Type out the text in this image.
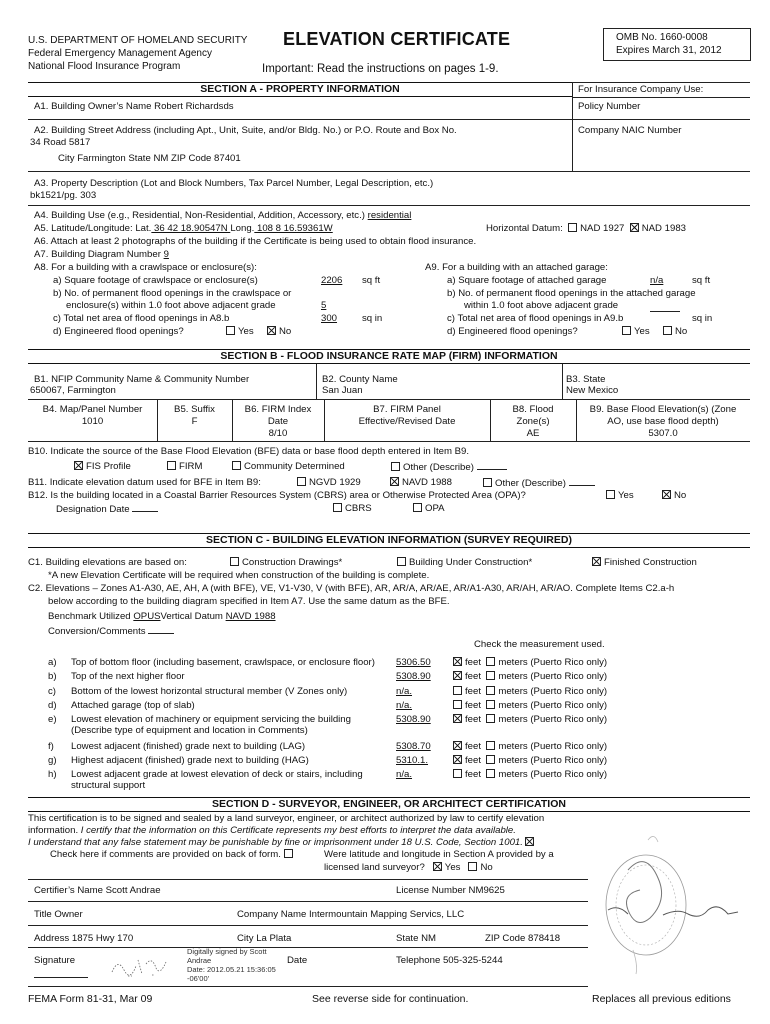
U.S. DEPARTMENT OF HOMELAND SECURITY
Federal Emergency Management Agency
National Flood Insurance Program
ELEVATION CERTIFICATE	OMB No. 1660-0008
Expires March 31, 2012
Important: Read the instructions on pages 1-9.
SECTION A - PROPERTY INFORMATION	For Insurance Company Use:
Policy Number
A1. Building Owner’s Name Robert Richardsds
Company NAIC Number
A2. Building Street Address (including Apt., Unit, Suite, and/or Bldg. No.) or P.O. Route and Box No.
34 Road 5817
City Farmington State NM ZIP Code 87401
A3. Property Description (Lot and Block Numbers, Tax Parcel Number, Legal Description, etc.)
bk1521/pg. 303
A4. Building Use (e.g., Residential, Non-Residential, Addition, Accessory, etc.) residential
A5. Latitude/Longitude: Lat. 36 42 18.90547N Long. 108 8 16.59361W	Horizontal Datum: NAD 1927 NAD 1983
A6. Attach at least 2 photographs of the building if the Certificate is being used to obtain flood insurance.
A7. Building Diagram Number 9
A8. For a building with a crawlspace or enclosure(s):
a) Square footage of crawlspace or enclosure(s)	2206 sq ft
b) No. of permanent flood openings in the crawlspace or
enclosure(s) within 1.0 foot above adjacent grade	5
c) Total net area of flood openings in A8.b	300	sq in
d) Engineered flood openings?	Yes	No
A9. For a building with an attached garage:
a) Square footage of attached garage	n/a	sq ft
b) No. of permanent flood openings in the attached garage
within 1.0 foot above adjacent grade
c) Total net area of flood openings in A9.b	sq in
d) Engineered flood openings?	Yes	No
SECTION B - FLOOD INSURANCE RATE MAP (FIRM) INFORMATION
B1. NFIP Community Name & Community Number
650067, Farmington
B2. County Name
San Juan
B3. State
New Mexico
B4. Map/Panel Number
1010
B5. Suffix
F
B6. FIRM Index
Date
8/10
B7. FIRM Panel
Effective/Revised Date
B8. Flood
Zone(s)
AE
B9. Base Flood Elevation(s) (Zone
AO, use base flood depth)
5307.0
B10. Indicate the source of the Base Flood Elevation (BFE) data or base flood depth entered in Item B9.
FIS Profile	FIRM	Community Determined	Other (Describe)
B11. Indicate elevation datum used for BFE in Item B9:	NGVD 1929	NAVD 1988	Other (Describe)
B12. Is the building located in a Coastal Barrier Resources System (CBRS) area or Otherwise Protected Area (OPA)?	Yes	No
Designation Date	CBRS	OPA
SECTION C - BUILDING ELEVATION INFORMATION (SURVEY REQUIRED)
C1. Building elevations are based on:	Construction Drawings*	Building Under Construction*	Finished Construction
*A new Elevation Certificate will be required when construction of the building is complete.
C2. Elevations – Zones A1-A30, AE, AH, A (with BFE), VE, V1-V30, V (with BFE), AR, AR/A, AR/AE, AR/A1-A30, AR/AH, AR/AO. Complete Items C2.a-h
below according to the building diagram specified in Item A7. Use the same datum as the BFE.
Benchmark Utilized OPUSVertical Datum NAVD 1988
Conversion/Comments
Check the measurement used.
a) Top of bottom floor (including basement, crawlspace, or enclosure floor) 5306.50	feet meters (Puerto Rico only)
b) Top of the next higher floor	5308.90	feet meters (Puerto Rico only)
c) Bottom of the lowest horizontal structural member (V Zones only)	n/a.	feet meters (Puerto Rico only)
d) Attached garage (top of slab)	n/a.	feet meters (Puerto Rico only)
e) Lowest elevation of machinery or equipment servicing the building
(Describe type of equipment and location in Comments)
5308.90	feet meters (Puerto Rico only)
f) Lowest adjacent (finished) grade next to building (LAG)	5308.70	feet meters (Puerto Rico only)
g) Highest adjacent (finished) grade next to building (HAG)	5310.1.	feet meters (Puerto Rico only)
h) Lowest adjacent grade at lowest elevation of deck or stairs, including
structural support
n/a.	feet meters (Puerto Rico only)
SECTION D - SURVEYOR, ENGINEER, OR ARCHITECT CERTIFICATION
This certification is to be signed and sealed by a land surveyor, engineer, or architect authorized by law to certify elevation
information. I certify that the information on this Certificate represents my best efforts to interpret the data available.
I understand that any false statement may be punishable by fine or imprisonment under 18 U.S. Code, Section 1001.
Check here if comments are provided on back of form.	Were latitude and longitude in Section A provided by a
licensed land surveyor? Yes No
Certifier’s Name Scott Andrae	License Number NM9625
Title Owner	Company Name Intermountain Mapping Servics, LLC
Address 1875 Hwy 170	City La Plata	State NM	ZIP Code 878418
Signature
Digitally signed by Scott
Andrae
Date: 2012.05.21 15:36:05
-06'00'
Date	Telephone 505-325-5244
FEMA Form 81-31, Mar 09	See reverse side for continuation.	Replaces all previous editions
